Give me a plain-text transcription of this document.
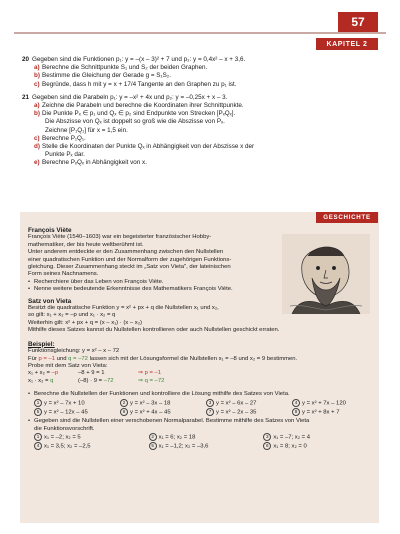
57
KAPITEL 2
20 Gegeben sind die Funktionen p₁: y = –(x – 3)² + 7 und p₂: y = 0,4x² – x + 3,6.
a) Berechne die Schnittpunkte S₁ und S₂ der beiden Graphen.
b) Bestimme die Gleichung der Gerade g = S₁S₂.
c) Begründe, dass h mit y = x + 17/4 Tangente an den Graphen zu p₁ ist.
21 Gegeben sind die Parabeln p₁: y = –x² + 4x und p₂: y = –0,25x + x – 3.
a) Zeichne die Parabeln und berechne die Koordinaten ihrer Schnittpunkte.
b) Die Punkte Pₓ ∈ p₁ und Qₓ ∈ p₂ sind Endpunkte von Strecken [PₓQₓ].
Die Abszisse von Qₓ ist doppelt so groß wie die Abszisse von Pₓ.
Zeichne [P₁Q₁] für x = 1,5 ein.
c) Berechne P₁Q₁.
d) Stelle die Koordinaten der Punkte Qₓ in Abhängigkeit von der Abszisse x der
Punkte Pₓ dar.
e) Berechne PₓQₓ in Abhängigkeit von x.
GESCHICHTE
François Viète
François Viète (1540–1603) war ein begeisterter französischer Hobby-
mathematiker, der bis heute weltberühmt ist.
Unter anderem entdeckte er den Zusammenhang zwischen den Nullstellen
einer quadratischen Funktion und der Normalform der zugehörigen Funktions-
gleichung. Dieser Zusammenhang steckt im „Satz von Vieta", der lateinischen
Form seines Nachnamens.
• Recherchiere über das Leben von François Viète.
• Nenne weitere bedeutende Erkenntnisse des Mathematikers François Viète.
Satz von Vieta
Besitzt die quadratische Funktion y = x² + px + q die Nullstellen x₁ und x₂,
so gilt: x₁ + x₂ = –p und x₁ · x₂ = q
Weiterhin gilt: x² + px + q = (x – x₁) · (x – x₂)
Mithilfe dieses Satzes kannst du Nullstellen kontrollieren oder auch Nullstellen geschickt erraten.
Beispiel:
Funktionsgleichung: y = x² – x – 72
Für p = –1 und q = –72 lassen sich mit der Lösungsformel die Nullstellen x₁ = –8 und x₂ = 9 bestimmen.
Probe mit dem Satz von Vieta:
x₁ + x₂ = –p	–8 + 9 = 1	⇒ p = –1
x₁ · x₂ = q	(–8) · 9 = –72	⇒ q = –72
• Berechne die Nullstellen der Funktionen und kontrolliere die Lösung mithilfe des Satzes von Vieta.
1 y = x² – 7x + 10	2 y = x² – 3x – 18	3 y = x² – 6x – 27	4 y = x² + 7x – 120
5 y = x² – 12x – 45	6 y = x² + 4x – 45	7 y = x² – 2x – 35	8 y = x² + 8x + 7
• Gegeben sind die Nullstellen einer verschobenen Normalparabel. Bestimme mithilfe des Satzes von Vieta
die Funktionsvorschrift.
1 x₁ = –2; x₂ = 5	2 x₁ = 6; x₂ = 18	3 x₁ = –7; x₂ = 4
4 x₁ = 3,5; x₂ = –2,5	5 x₁ = –1,2; x₂ = –3,6	6 x₁ = 8; x₂ = 0
